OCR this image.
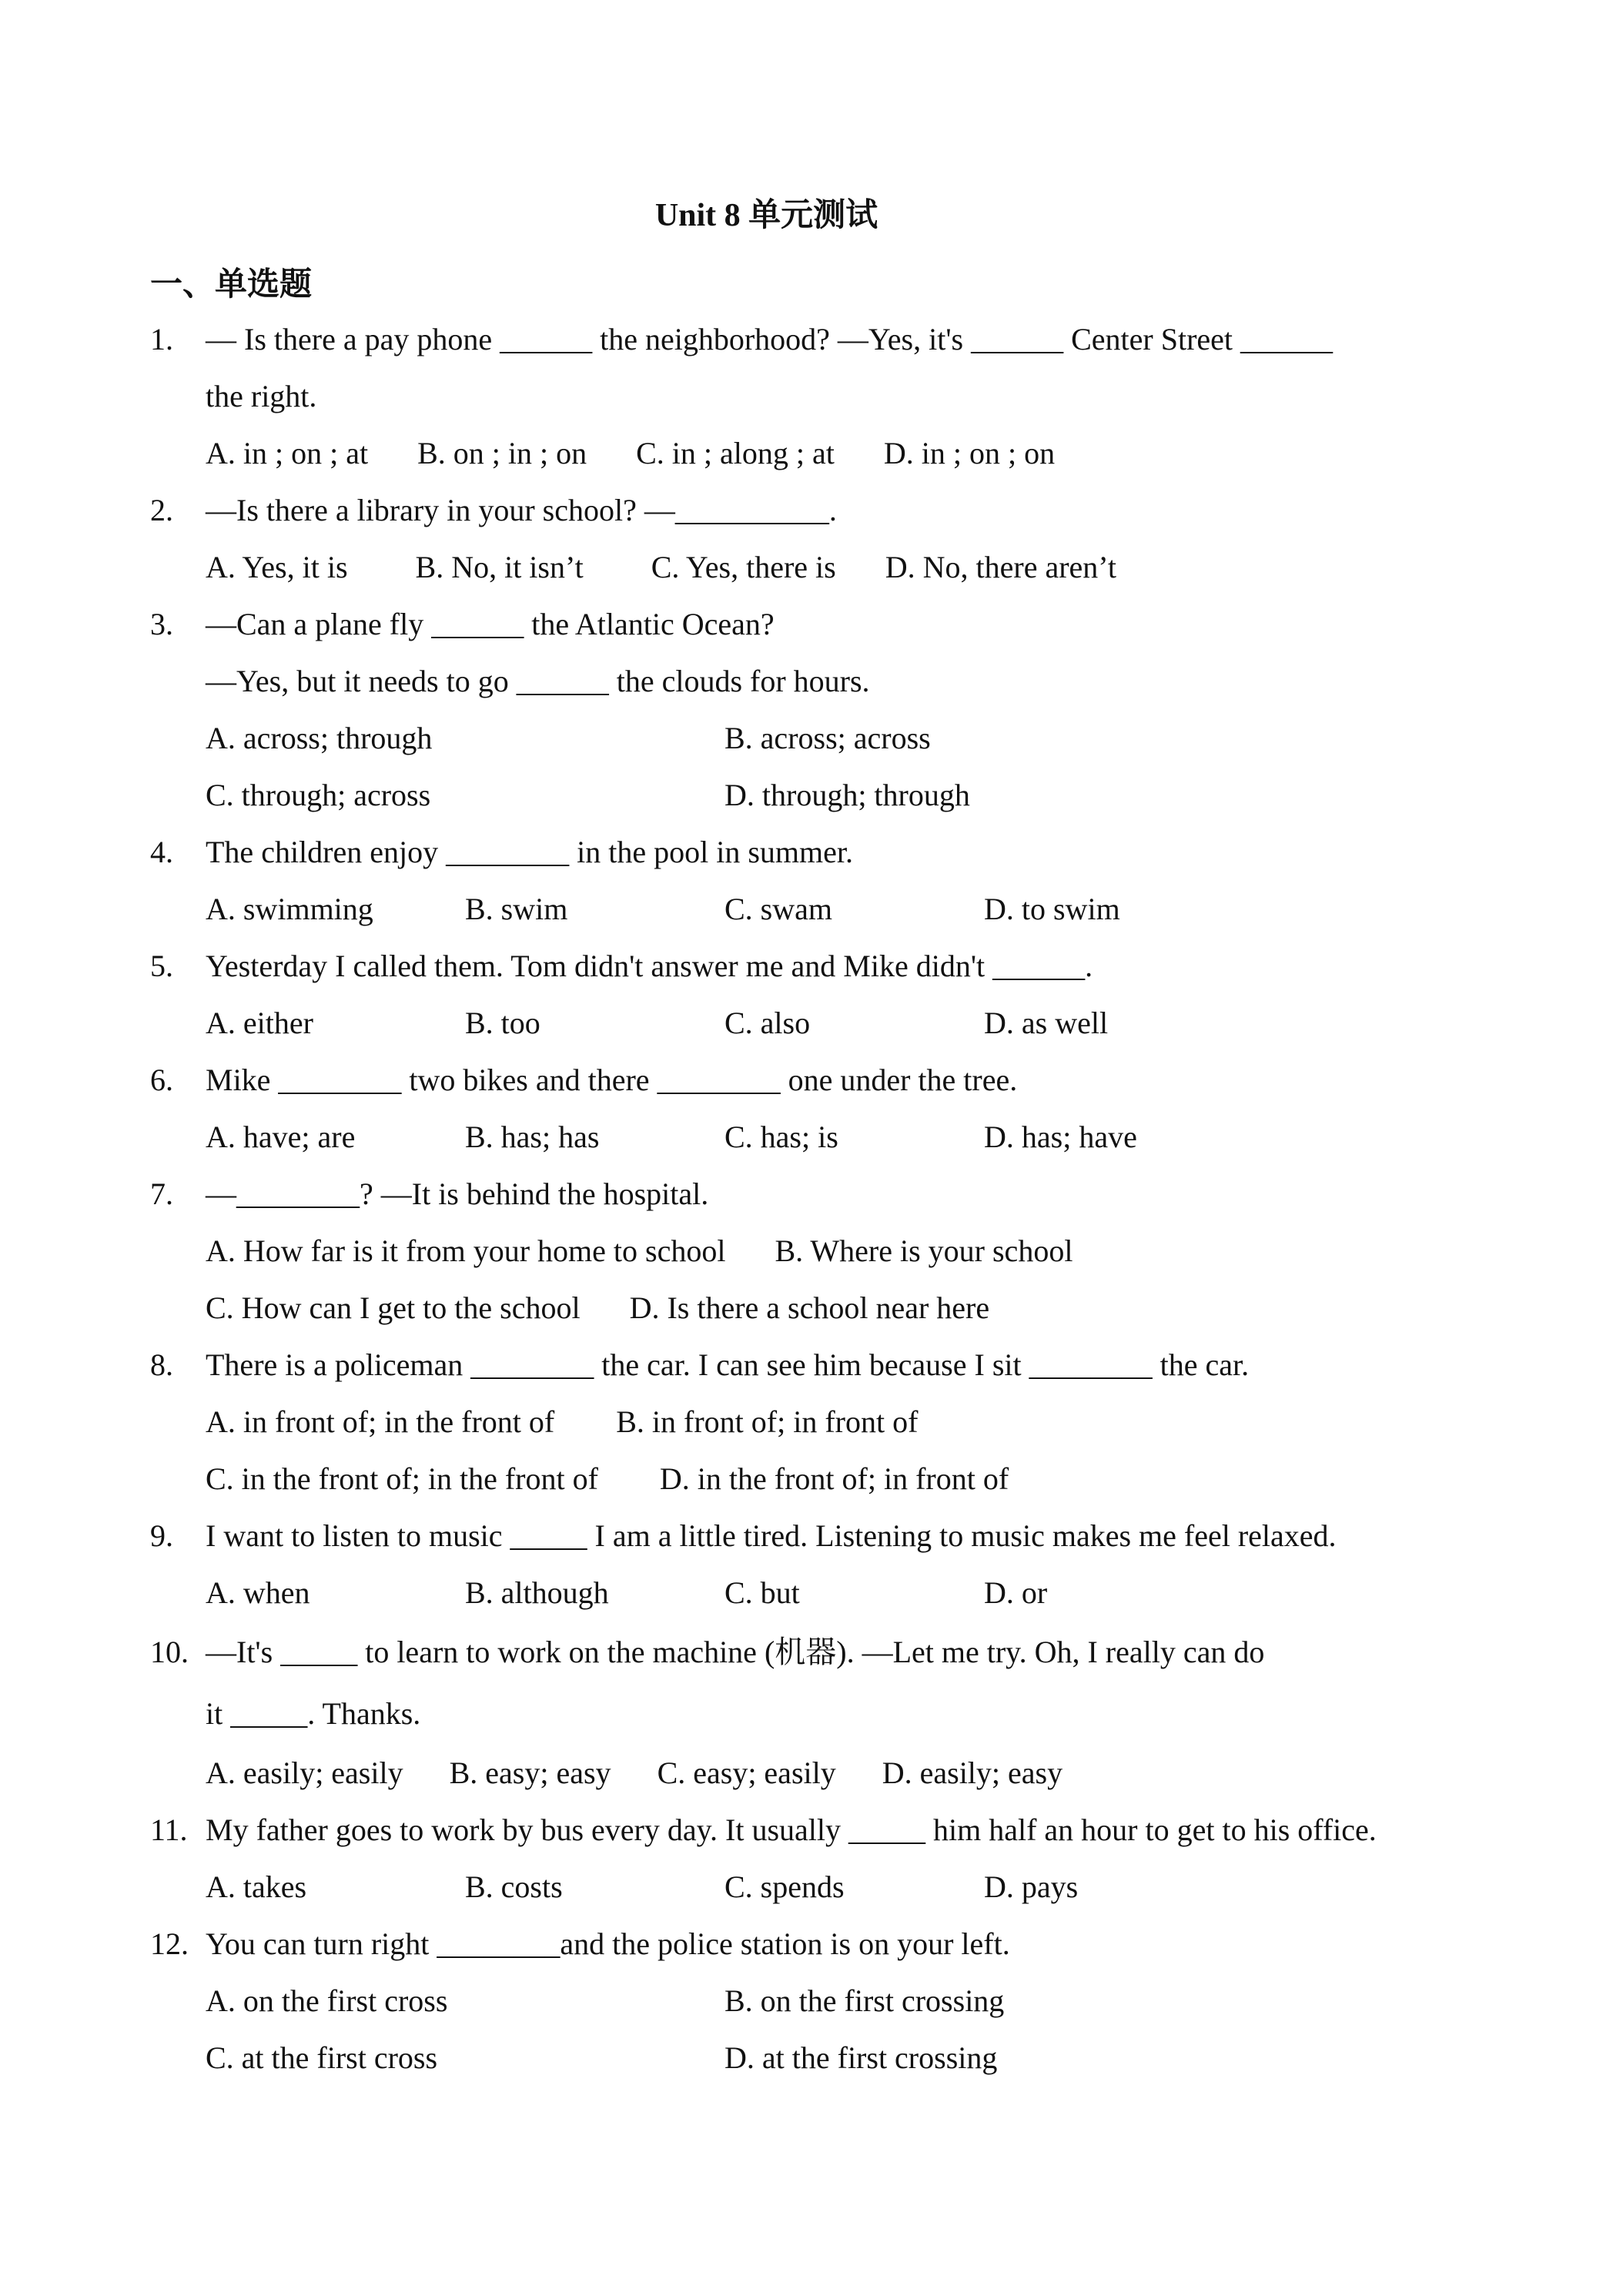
Unit 8 单元测试
一、单选题
1.	— Is there a pay phone ______ the neighborhood? —Yes, it's ______ Center Street ______
the right.
A. in ; on ; at B. on ; in ; on C. in ; along ; at D. in ; on ; on
2.	—Is there a library in your school? —__________.
A. Yes, it is B. No, it isn’t C. Yes, there is D. No, there aren’t
3.	—Can a plane fly ______ the Atlantic Ocean?
—Yes, but it needs to go ______ the clouds for hours.
A. across; through	B. across; across
C. through; across	D. through; through
4.	The children enjoy ________ in the pool in summer.
A. swimming	B. swim	C. swam	D. to swim
5.	Yesterday I called them. Tom didn't answer me and Mike didn't ______.
A. either	B. too	C. also	D. as well
6.	Mike ________ two bikes and there ________ one under the tree.
A. have; are	B. has; has	C. has; is	D. has; have
7.	—________? —It is behind the hospital.
A. How far is it from your home to school B. Where is your school
C. How can I get to the school D. Is there a school near here
8.	There is a policeman ________ the car. I can see him because I sit ________ the car.
A. in front of; in the front of B. in front of; in front of
C. in the front of; in the front of D. in the front of; in front of
9.	I want to listen to music _____ I am a little tired. Listening to music makes me feel relaxed.
A. when	B. although	C. but	D. or
10. —It's _____ to learn to work on the machine (机器). —Let me try. Oh, I really can do
it _____. Thanks.
A. easily; easily B. easy; easy C. easy; easily D. easily; easy
11. My father goes to work by bus every day. It usually _____ him half an hour to get to his office.
A. takes	B. costs	C. spends	D. pays
12. You can turn right ________and the police station is on your left.
A. on the first cross	B. on the first crossing
C. at the first cross	D. at the first crossing
